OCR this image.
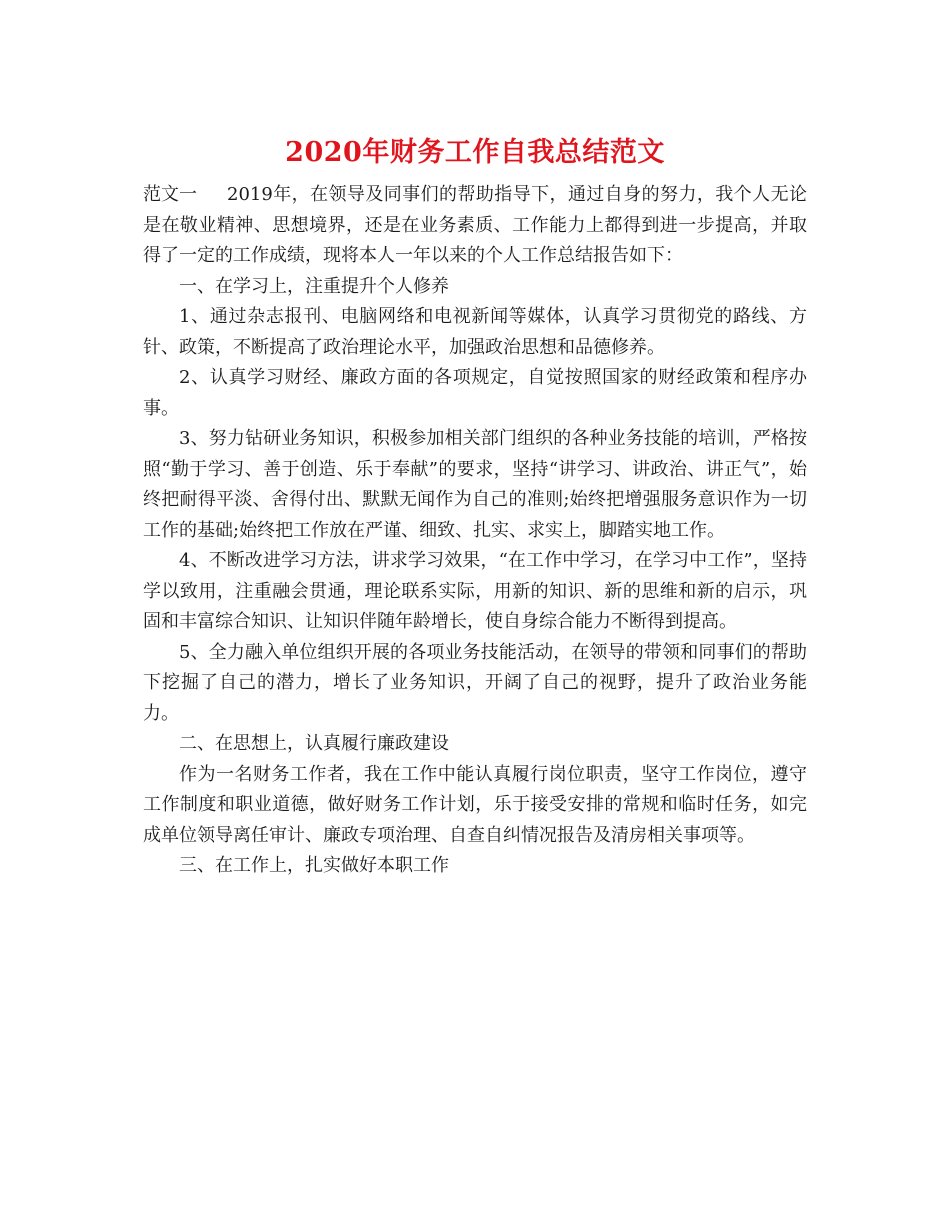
2020年财务工作自我总结范文

范文一 2019年，在领导及同事们的帮助指导下，通过自身的努力，我个人无论是在敬业精神、思想境界，还是在业务素质、工作能力上都得到进一步提高，并取得了一定的工作成绩，现将本人一年以来的个人工作总结报告如下：

一、在学习上，注重提升个人修养

1、通过杂志报刊、电脑网络和电视新闻等媒体，认真学习贯彻党的路线、方针、政策，不断提高了政治理论水平，加强政治思想和品德修养。

2、认真学习财经、廉政方面的各项规定，自觉按照国家的财经政策和程序办事。

3、努力钻研业务知识，积极参加相关部门组织的各种业务技能的培训，严格按照“勤于学习、善于创造、乐于奉献”的要求，坚持“讲学习、讲政治、讲正气”，始终把耐得平淡、舍得付出、默默无闻作为自己的准则;始终把增强服务意识作为一切工作的基础;始终把工作放在严谨、细致、扎实、求实上，脚踏实地工作。

4、不断改进学习方法，讲求学习效果，“在工作中学习，在学习中工作”，坚持学以致用，注重融会贯通，理论联系实际，用新的知识、新的思维和新的启示，巩固和丰富综合知识、让知识伴随年龄增长，使自身综合能力不断得到提高。

5、全力融入单位组织开展的各项业务技能活动，在领导的带领和同事们的帮助下挖掘了自己的潜力，增长了业务知识，开阔了自己的视野，提升了政治业务能力。

二、在思想上，认真履行廉政建设

作为一名财务工作者，我在工作中能认真履行岗位职责，坚守工作岗位，遵守工作制度和职业道德，做好财务工作计划，乐于接受安排的常规和临时任务，如完成单位领导离任审计、廉政专项治理、自查自纠情况报告及清房相关事项等。

三、在工作上，扎实做好本职工作
